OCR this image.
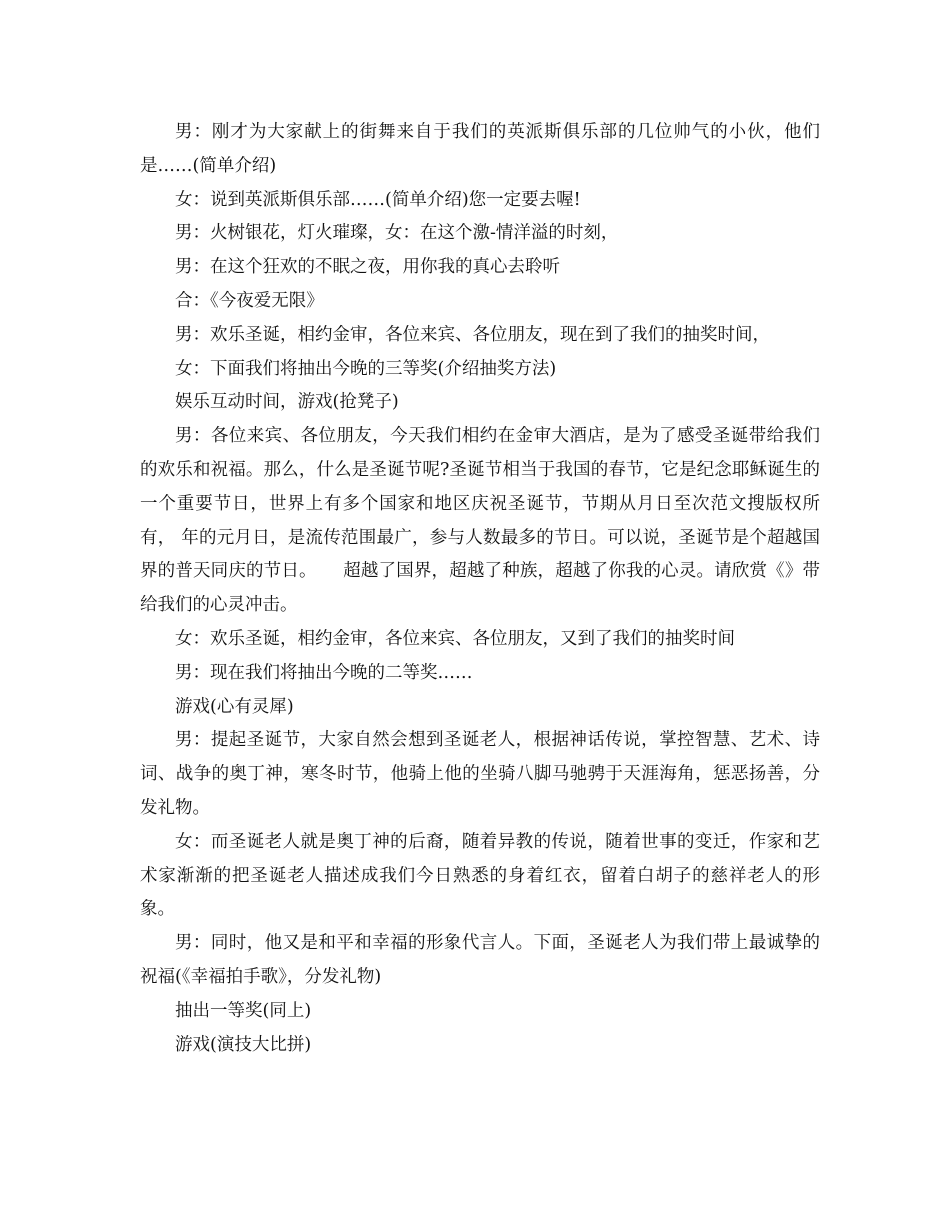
男：刚才为大家献上的街舞来自于我们的英派斯俱乐部的几位帅气的小伙，他们是……(简单介绍)

女：说到英派斯俱乐部……(简单介绍)您一定要去喔!

男：火树银花，灯火璀璨，女：在这个激-情洋溢的时刻，

男：在这个狂欢的不眠之夜，用你我的真心去聆听

合：《今夜爱无限》

男：欢乐圣诞，相约金审，各位来宾、各位朋友，现在到了我们的抽奖时间，

女：下面我们将抽出今晚的三等奖(介绍抽奖方法)

娱乐互动时间，游戏(抢凳子)

男：各位来宾、各位朋友，今天我们相约在金审大酒店，是为了感受圣诞带给我们的欢乐和祝福。那么，什么是圣诞节呢?圣诞节相当于我国的春节，它是纪念耶稣诞生的一个重要节日，世界上有多个国家和地区庆祝圣诞节，节期从月日至次范文搜版权所有， 年的元月日，是流传范围最广，参与人数最多的节日。可以说，圣诞节是个超越国界的普天同庆的节日。　　超越了国界，超越了种族，超越了你我的心灵。请欣赏《》带给我们的心灵冲击。

女：欢乐圣诞，相约金审，各位来宾、各位朋友，又到了我们的抽奖时间

男：现在我们将抽出今晚的二等奖……

游戏(心有灵犀)

男：提起圣诞节，大家自然会想到圣诞老人，根据神话传说，掌控智慧、艺术、诗词、战争的奥丁神，寒冬时节，他骑上他的坐骑八脚马驰骋于天涯海角，惩恶扬善，分发礼物。

女：而圣诞老人就是奥丁神的后裔，随着异教的传说，随着世事的变迁，作家和艺术家渐渐的把圣诞老人描述成我们今日熟悉的身着红衣，留着白胡子的慈祥老人的形象。

男：同时，他又是和平和幸福的形象代言人。下面，圣诞老人为我们带上最诚挚的祝福(《幸福拍手歌》，分发礼物)

抽出一等奖(同上)

游戏(演技大比拼)
